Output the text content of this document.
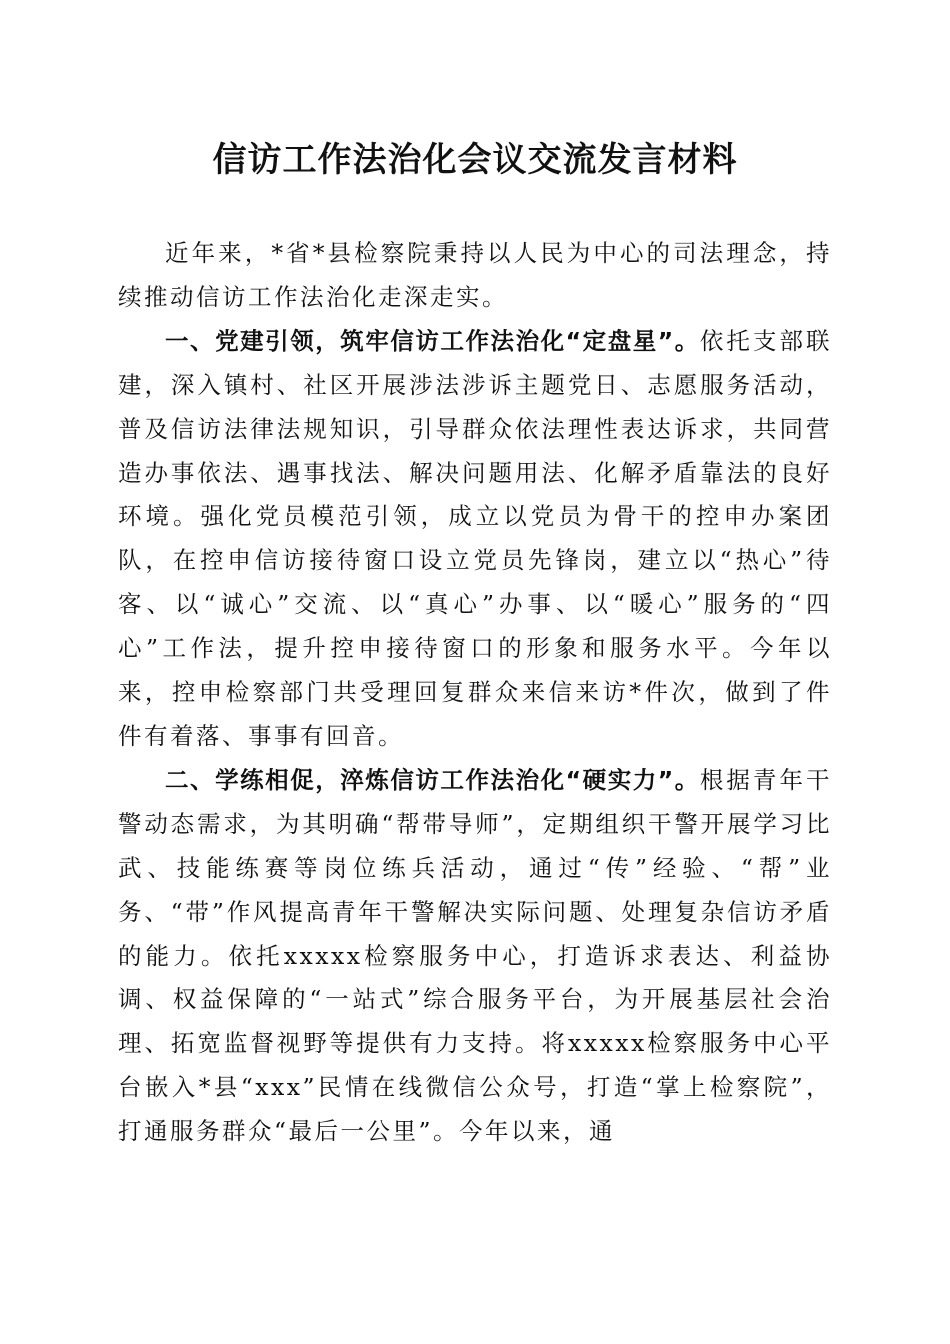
信访工作法治化会议交流发言材料

近年来，*省*县检察院秉持以人民为中心的司法理念，持续推动信访工作法治化走深走实。

一、党建引领，筑牢信访工作法治化“定盘星”。依托支部联建，深入镇村、社区开展涉法涉诉主题党日、志愿服务活动，普及信访法律法规知识，引导群众依法理性表达诉求，共同营造办事依法、遇事找法、解决问题用法、化解矛盾靠法的良好环境。强化党员模范引领，成立以党员为骨干的控申办案团队，在控申信访接待窗口设立党员先锋岗，建立以“热心”待客、以“诚心”交流、以“真心”办事、以“暖心”服务的“四心”工作法，提升控申接待窗口的形象和服务水平。今年以来，控申检察部门共受理回复群众来信来访*件次，做到了件件有着落、事事有回音。

二、学练相促，淬炼信访工作法治化“硬实力”。根据青年干警动态需求，为其明确“帮带导师”，定期组织干警开展学习比武、技能练赛等岗位练兵活动，通过“传”经验、“帮”业务、“带”作风提高青年干警解决实际问题、处理复杂信访矛盾的能力。依托xxxxx检察服务中心，打造诉求表达、利益协调、权益保障的“一站式”综合服务平台，为开展基层社会治理、拓宽监督视野等提供有力支持。将xxxxx检察服务中心平台嵌入*县“xxx”民情在线微信公众号，打造“掌上检察院”，打通服务群众“最后一公里”。今年以来，通
